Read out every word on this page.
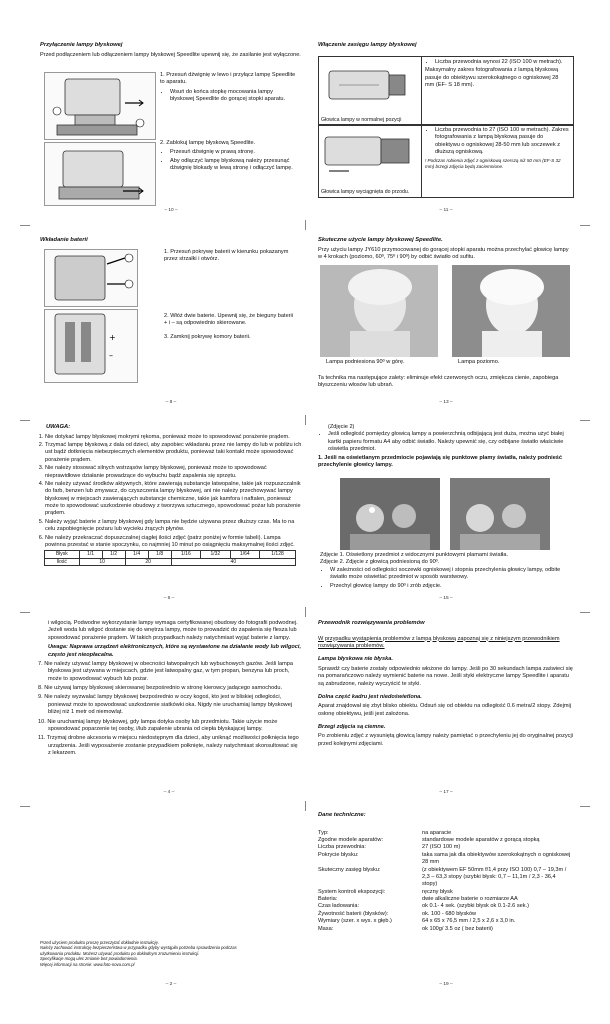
Przyłączenie lampy błyskowej

Przed podłączeniem lub odłączeniem lampy błyskowej Speedlite upewnij się, że zasilanie jest wyłączone.

1. Przesuń dźwignię w lewo i przyłącz lampę Speedlite to aparatu.

• Wsuń do końca stopkę mocowania lampy błyskowej Speedlite do gorącej stopki aparatu.

2. Zablokuj lampę błyskową Speedlite.

• Przesuń dźwignię w prawą stronę.
• Aby odłączyć lampę błyskową należy przesunąć dźwignię blokady w lewą stronę i odłączyć lampę.
– 10 –
Włączenie zasięgu lampy błyskowej
Głowica lampy w normalnej pozycji
• Liczba przewodnia wynosi 22 (ISO 100 w metrach).

Maksymalny zakres fotografowania z lampą błyskową pasuje do obiektywu szerokokątnego o ogniskowej 28 mm (EF- S 18 mm).

Głowica lampy wyciągnięta do przodu.
• Liczba przewodnia to 27 (ISO 100 w metrach). Zakres fotografowania z lampą błyskową pasuje do obiektywu o ogniskowej 28-50 mm lub soczewek z dłuższą ogniskową.

! Podczas robienia zdjęć z ogniskową szerszą niż 50 mm (EF-S 32 mm) brzegi zdjęcia będą zaciemnione.

– 11 –
Wkładanie baterii

1. Przesuń pokrywę baterii w kierunku pokazanym przez strzałki i otwórz.

+
–

2. Włóż dwie baterie. Upewnij się, że bieguny baterii + i – są odpowiednio skierowane.

3. Zamknij pokrywę komory baterii.

– 8 –
Skuteczne użycie lampy błyskowej Speedlite.

Przy użyciu lampy JY610 przymocowanej do gorącej stopki aparatu można przechylać głowicę lampy w 4 krokach (poziomo, 60º, 75º i 90º) by odbić światło od sufitu.

Lampa podniesiona 90º w górę.	Lampa poziomo.

Ta technika ma następujące zalety: eliminuje efekt czerwonych oczu, zmiękcza cienie, zapobiega błyszczeniu włosów lub ubrań.

– 13 –
UWAGA:
1. Nie dotykać lampy błyskowej mokrymi rękoma, ponieważ może to spowodować porażenie prądem.
2. Trzymać lampę błyskową z dala od dzieci, aby zapobiec wkładaniu przez nie lampy do lub w pobliżu ich ust bądź dotknięcia niebezpiecznych elementów produktu, ponieważ taki kontakt może spowodować porażenie prądem.
3. Nie należy stosować silnych wstrząsów lampy błyskowej, ponieważ może to spowodować nieprawidłowe działanie prowadzące do wybuchu bądź zapalenia się sprzętu.
4. Nie należy używać środków aktywnych, które zawierają substancje łatwopalne, takie jak rozpuszczalnik do farb, benzen lub zmywacz, do czyszczenia lampy błyskowej, ani nie należy przechowywać lampy błyskowej w miejscach zawierających substancje chemiczne, takie jak kamfora i naftalen, ponieważ może to spowodować uszkodzenie obudowy z tworzywa sztucznego, spowodować pożar lub porażenie prądem.
5. Należy wyjąć baterie z lampy błyskowej gdy lampa nie będzie używana przez dłuższy czas. Ma to na celu zapobiegnięcie pożaru lub wycieku żrących płynów.
6. Nie należy przekraczać dopuszczalnej ciągłej ilości zdjęć (patrz poniżej w formie tabeli). Lampa powinna przestać w stanie spoczynku, co najmniej 10 minut po osiągnięciu maksymalnej ilości zdjęć.
Błysk	1/1	1/2	1/4	1/8	1/16	1/32	1/64	1/128
Ilość	10		20		40			
– 6 –
(Zdjęcie 2)
• Jeśli odległość pomiędzy głowicą lampy a powierzchnią odbijającą jest duża, można użyć białej kartki papieru formatu A4 aby odbić światło. Należy upewnić się, czy odbijane światło właściwie oświetla przedmiot.

1. Jeśli na oświetlanym przedmiocie pojawiają się punktowe plamy światła, należy podnieść przechylenie głowicy lampy.

Zdjęcie 1. Oświetlony przedmiot z widocznymi punktowymi plamami światła.
Zdjęcie 2. Zdjęcie z głowicą podniesioną do 90º.
• W zależności od odległości soczewki ogniskowej i stopnia przechylenia głowicy lampy, odbite światło może oświetlać przedmiot w sposób warstwowy.
• Przechyl głowicę lampy do 90º i zrób zdjęcie.
– 15 –

i wilgocią. Podwodne wykorzystanie lampy wymaga certyfikowanej obudowy do fotografii podwodnej. Jeżeli woda lub wilgoć dostanie się do wnętrza lampy, może to prowadzić do zapalenia się flesza lub spowodować porażenie prądem. W takich przypadkach należy natychmiast wyjąć baterie z lampy.

Uwaga: Naprawa urządzeń elektronicznych, które są wystawione na działanie wody lub wilgoci, często jest nieopłacalna.

7. Nie należy używać lampy błyskowej w obecności łatwopalnych lub wybuchowych gazów. Jeśli lampa błyskowa jest używana w miejscach, gdzie jest łatwopalny gaz, w tym propan, benzyna lub proch, może to spowodować wybuch lub pożar.

8. Nie używaj lampy błyskowej skierowanej bezpośrednio w stronę kierowcy jadącego samochodu.

9. Nie należy wyzwalać lampy błyskowej bezpośrednio w oczy kogoś, kto jest w bliskiej odległości, ponieważ może to spowodować uszkodzenie siatkówki oka. Nigdy nie uruchamiaj lampy błyskowej bliżej niż 1 metr od niemowląt.

10. Nie uruchamiaj lampy błyskowej, gdy lampa dotyka osoby lub przedmiotu. Takie użycie może spowodować poparzenie tej osoby, i/lub zapalenie ubrania od ciepła błyskającej lampy.

11. Trzymaj drobne akcesoria w miejscu niedostępnym dla dzieci, aby uniknąć możliwości połknięcia tego urządzenia. Jeśli wyposażenie zostanie przypadkiem połknięte, należy natychmiast skonsultować się z lekarzem.

– 4 –
Przewodnik rozwiązywania problemów

W przypadku wystąpienia problemów z lampą błyskową zapoznaj się z niniejszym przewodnikiem rozwiązywania problemów.

Lampa błyskowa nie błyska.

Sprawdź czy baterie zostały odpowiednio włożone do lampy. Jeśli po 30 sekundach lampa zaświeci się na pomarańczowo należy wymienić baterie na nowe. Jeśli styki elektryczne lampy Speedlite i aparatu są zabrudzone, należy wyczyścić te styki.

Dolna część kadru jest niedoświetlona.

Aparat znajdował się zbyt blisko obiektu. Odsuń się od obiektu na odległość 0.6 metra/2 stopy. Zdejmij osłonę obiektywu, jeśli jest założona.

Brzegi zdjęcia są ciemne.

Po zrobieniu zdjęć z wysuniętą głowicą lampy należy pamiętać o przechyleniu jej do oryginalnej pozycji przed kolejnymi zdjęciami.

– 17 –
Przed użyciem produktu proszę przeczytać dokładnie instrukcję.
Należy zachować instrukcję bezpieczeństwa w przypadku gdyby wystąpiła potrzeba sprawdzenia podczas użytkowania produktu. Możesz używać produktu po dokładnym zrozumieniu instrukcji.
Specyfikacje mogą ulec zmianie bez powiadomienia.
Więcej informacji na stronie: www.foto-nova.com.pl
– 2 –
Dane techniczne:
Typ:	na aparacie
Zgodne modele aparatów:	standardowe modele aparatów z gorącą stopką
Liczba przewodnia:	27 (ISO 100 m)
Pokrycie błysku:	taka sama jak dla obiektywów szerokokątnych o ogniskowej 28 mm
Skuteczny zasięg błysku:	(z obiektywem EF 50mm f/1,4 przy ISO 100) 0,7 – 19,3m / 2,3 – 63,3 stopy (szybki błysk: 0,7 – 11,1m / 2,3 - 36,4 stopy)
System kontroli ekspozycji:	ręczny błysk
Bateria:	dwie alkaliczne baterie o rozmiarze AA
Czas ładowania:	ok 0.1- 4 sek. (szybki błysk ok 0.1-2.6 sek.)
Żywotność baterii (błysków):	ok. 100 - 680 błysków
Wymiary (szer. x wys. x głęb.)	64 x 65 x 76,5 mm / 2,5 x 2,6 x 3,0 in.
Masa:	ok 100g/ 3.5 oz ( bez baterii)
– 19 –
